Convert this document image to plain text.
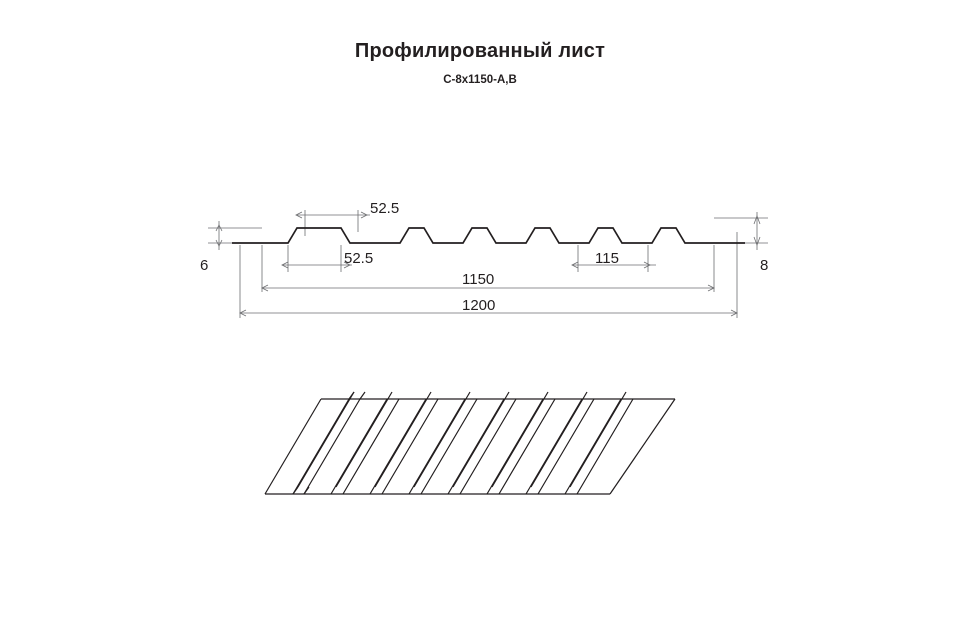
Профилированный лист
С-8x1150-A,B
52.5
52.5	115
6	8
1150
1200
